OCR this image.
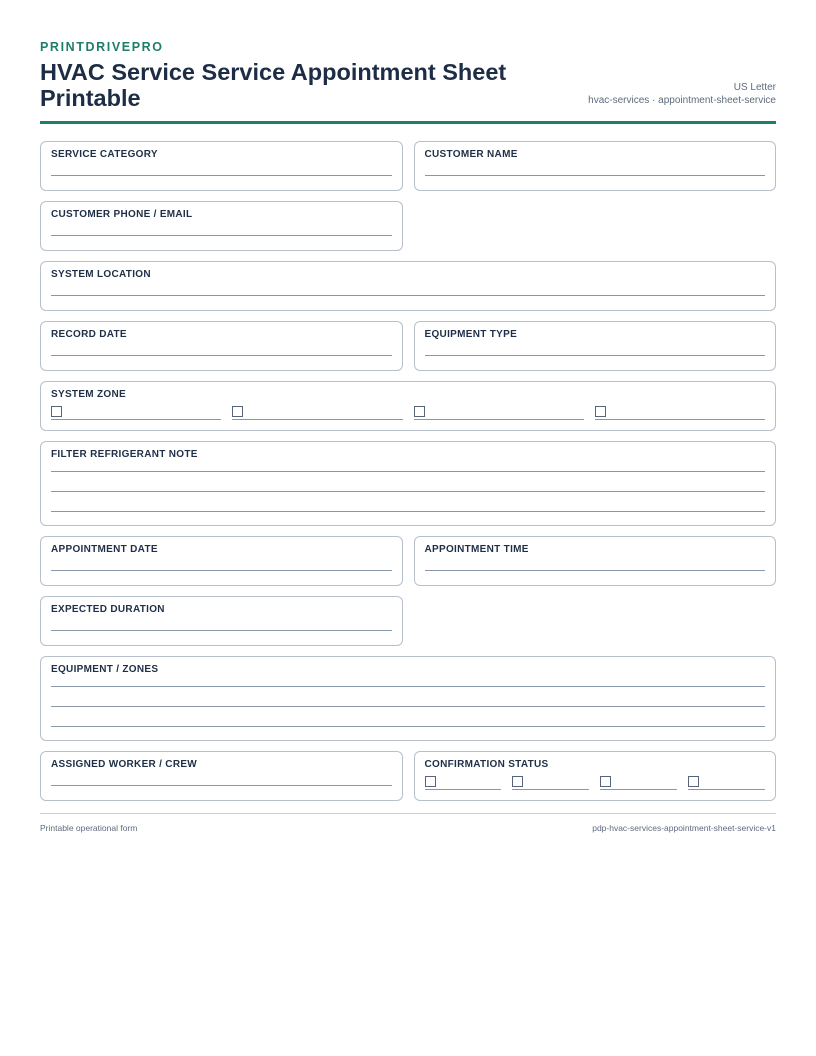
PRINTDRIVEPRO
HVAC Service Service Appointment Sheet Printable	US Letter
hvac-services · appointment-sheet-service
SERVICE CATEGORY	CUSTOMER NAME
CUSTOMER PHONE / EMAIL
SYSTEM LOCATION
RECORD DATE	EQUIPMENT TYPE
SYSTEM ZONE
FILTER REFRIGERANT NOTE
APPOINTMENT DATE	APPOINTMENT TIME
EXPECTED DURATION
EQUIPMENT / ZONES
ASSIGNED WORKER / CREW	CONFIRMATION STATUS
Printable operational form	pdp-hvac-services-appointment-sheet-service-v1
